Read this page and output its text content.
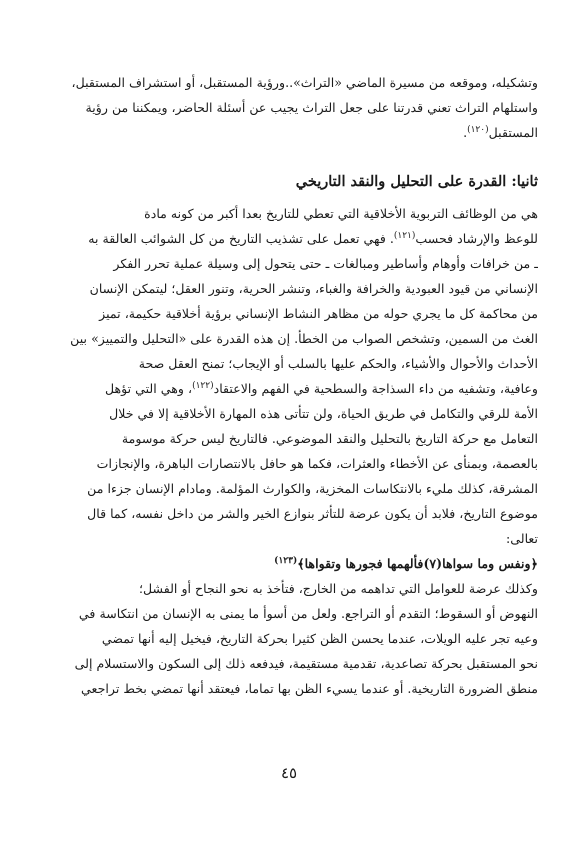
وتشكيله، وموقعه من مسيرة الماضي «التراث»..ورؤية المستقبل، أو استشراف المستقبل،
واستلهام التراث تعني قدرتنا على جعل التراث يجيب عن أسئلة الحاضر، ويمكننا من رؤية
المستقبل$^{(١٢٠)}$.

ثانيا: القدرة على التحليل والنقد التاريخي

هي من الوظائف التربوية الأخلاقية التي تعطي للتاريخ بعدا أكبر من كونه مادة
للوعظ والإرشاد فحسب$^{(١٢١)}$. فهي تعمل على تشذيب التاريخ من كل الشوائب العالقة به
ـ من خرافات وأوهام وأساطير ومبالغات ـ حتى يتحول إلى وسيلة عملية تحرر الفكر
الإنساني من قيود العبودية والخرافة والغباء، وتنشر الحرية، وتنور العقل؛ ليتمكن الإنسان
من محاكمة كل ما يجري حوله من مظاهر النشاط الإنساني برؤية أخلاقية حكيمة، تميز
الغث من السمين، وتشخص الصواب من الخطأ. إن هذه القدرة على «التحليل والتمييز» بين
الأحداث والأحوال والأشياء، والحكم عليها بالسلب أو الإيجاب؛ تمنح العقل صحة
وعافية، وتشفيه من داء السذاجة والسطحية في الفهم والاعتقاد$^{(١٢٢)}$، وهي التي تؤهل
الأمة للرقي والتكامل في طريق الحياة، ولن تتأتى هذه المهارة الأخلاقية إلا في خلال
التعامل مع حركة التاريخ بالتحليل والنقد الموضوعي. فالتاريخ ليس حركة موسومة
بالعصمة، وبمنأى عن الأخطاء والعثرات، فكما هو حافل بالانتصارات الباهرة، والإنجازات
المشرقة، كذلك مليء بالانتكاسات المخزية، والكوارث المؤلمة. ومادام الإنسان جزءا من
موضوع التاريخ، فلابد أن يكون عرضة للتأثر بنوازع الخير والشر من داخل نفسه، كما قال
تعالى:
﴿ونفس وما سواها(٧)فألهمها فجورها وتقواها﴾$^{(١٢٣)}$
وكذلك عرضة للعوامل التي تداهمه من الخارج، فتأخذ به نحو النجاح أو الفشل؛
النهوض أو السقوط؛ التقدم أو التراجع. ولعل من أسوأ ما يمنى به الإنسان من انتكاسة في
وعيه تجر عليه الويلات، عندما يحسن الظن كثيرا بحركة التاريخ، فيخيل إليه أنها تمضي
نحو المستقبل بحركة تصاعدية، تقدمية مستقيمة، فيدفعه ذلك إلى السكون والاستسلام إلى
منطق الضرورة التاريخية. أو عندما يسيء الظن بها تماما، فيعتقد أنها تمضي بخط تراجعي

٤٥
